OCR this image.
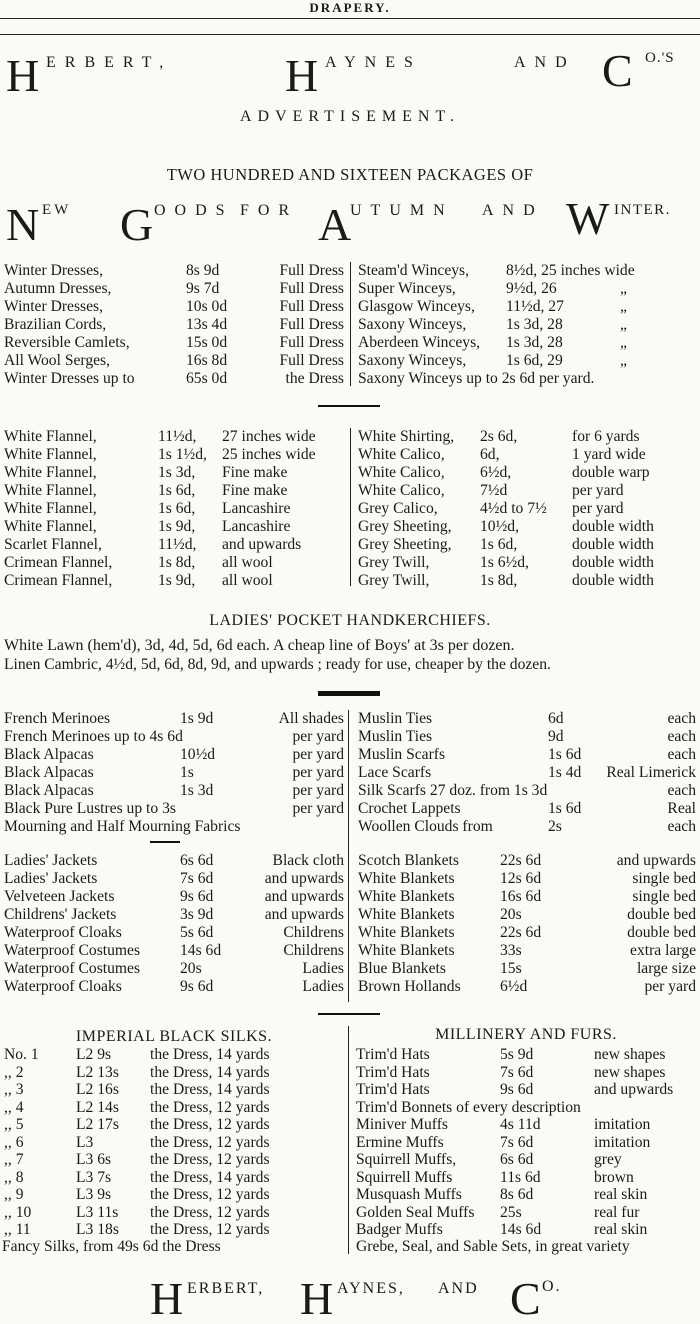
DRAPERY.
H ERBERT, H AYNES	AND C O.'S
ADVERTISEMENT.
TWO HUNDRED AND SIXTEEN PACKAGES OF
N EW G OODS FOR A
UTUMN AND W INTER.
Winter Dresses,	8s 9d	Full Dress
Autumn Dresses,	9s 7d	Full Dress
Winter Dresses,	10s 0d	Full Dress
Brazilian Cords,	13s 4d	Full Dress
Reversible Camlets,	15s 0d	Full Dress
All Wool Serges,	16s 8d	Full Dress
Winter Dresses up to	65s 0d	the Dress
Steam'd Winceys, 8½d, 25 inches wide
Super Winceys,	9½d, 26	„
Glasgow Winceys, 11½d, 27	„
Saxony Winceys,	1s 3d, 28	„
Aberdeen Winceys, 1s 3d, 28	„
Saxony Winceys,	1s 6d, 29	„
Saxony Winceys up to 2s 6d per yard.
White Flannel,	11½d, 27 inches wide
White Flannel,	1s 1½d, 25 inches wide
White Flannel,	1s 3d, Fine make
White Flannel,	1s 6d, Fine make
White Flannel,	1s 6d, Lancashire
White Flannel,	1s 9d, Lancashire
Scarlet Flannel,	11½d, and upwards
Crimean Flannel,	1s 8d, all wool
Crimean Flannel,	1s 9d, all wool
White Shirting, 2s 6d,	for 6 yards
White Calico, 6d,	1 yard wide
White Calico, 6½d,	double warp
White Calico, 7½d	per yard
Grey Calico,	4½d to 7½ per yard
Grey Sheeting, 10½d,	double width
Grey Sheeting, 1s 6d,	double width
Grey Twill,	1s 6½d,	double width
Grey Twill,	1s 8d,	double width
LADIES' POCKET HANDKERCHIEFS.
White Lawn (hem'd), 3d, 4d, 5d, 6d each. A cheap line of Boys' at 3s per dozen.
Linen Cambric, 4½d, 5d, 6d, 8d, 9d, and upwards ; ready for use, cheaper by the dozen.
French Merinoes	1s 9d	All shades
French Merinoes up to 4s 6d	per yard
Black Alpacas	10½d	per yard
Black Alpacas	1s	per yard
Black Alpacas	1s 3d	per yard
Black Pure Lustres up to 3s	per yard
Mourning and Half Mourning Fabrics
Muslin Ties	6d	each
Muslin Ties	9d	each
Muslin Scarfs	1s 6d	each
Lace Scarfs	1s 4d	Real Limerick
Silk Scarfs 27 doz. from 1s 3d	each
Crochet Lappets	1s 6d	Real
Woollen Clouds from	2s	each
Ladies' Jackets	6s 6d	Black cloth
Ladies' Jackets	7s 6d	and upwards
Velveteen Jackets	9s 6d	and upwards
Childrens' Jackets	3s 9d	and upwards
Waterproof Cloaks	5s 6d	Childrens
Waterproof Costumes	14s 6d	Childrens
Waterproof Costumes	20s	Ladies
Waterproof Cloaks	9s 6d	Ladies
Scotch Blankets	22s 6d	and upwards
White Blankets	12s 6d	single bed
White Blankets	16s 6d	single bed
White Blankets	20s	double bed
White Blankets	22s 6d	double bed
White Blankets	33s	extra large
Blue Blankets	15s	large size
Brown Hollands	6½d	per yard
IMPERIAL BLACK SILKS.	MILLINERY AND FURS.
No. 1 L2 9s the Dress, 14 yards
,, 2	L2 13s the Dress, 14 yards
,, 3	L2 16s the Dress, 14 yards
,, 4	L2 14s the Dress, 12 yards
,, 5	L2 17s the Dress, 12 yards
,, 6	L3	the Dress, 12 yards
,, 7	L3 6s the Dress, 12 yards
,, 8	L3 7s the Dress, 14 yards
,, 9	L3 9s the Dress, 12 yards
,, 10	L3 11s the Dress, 12 yards
,, 11	L3 18s the Dress, 12 yards
Trim'd Hats	5s 9d	new shapes
Trim'd Hats	7s 6d	new shapes
Trim'd Hats	9s 6d	and upwards
Trim'd Bonnets of every description
Miniver Muffs	4s 11d	imitation
Ermine Muffs	7s 6d	imitation
Squirrell Muffs,	6s 6d	grey
Squirrell Muffs	11s 6d	brown
Musquash Muffs 8s 6d	real skin
Golden Seal Muffs 25s	real fur
Badger Muffs	14s 6d	real skin
Fancy Silks, from 49s 6d the Dress	Grebe, Seal, and Sable Sets, in great variety
H ERBERT, H AYNES, AND C O.
